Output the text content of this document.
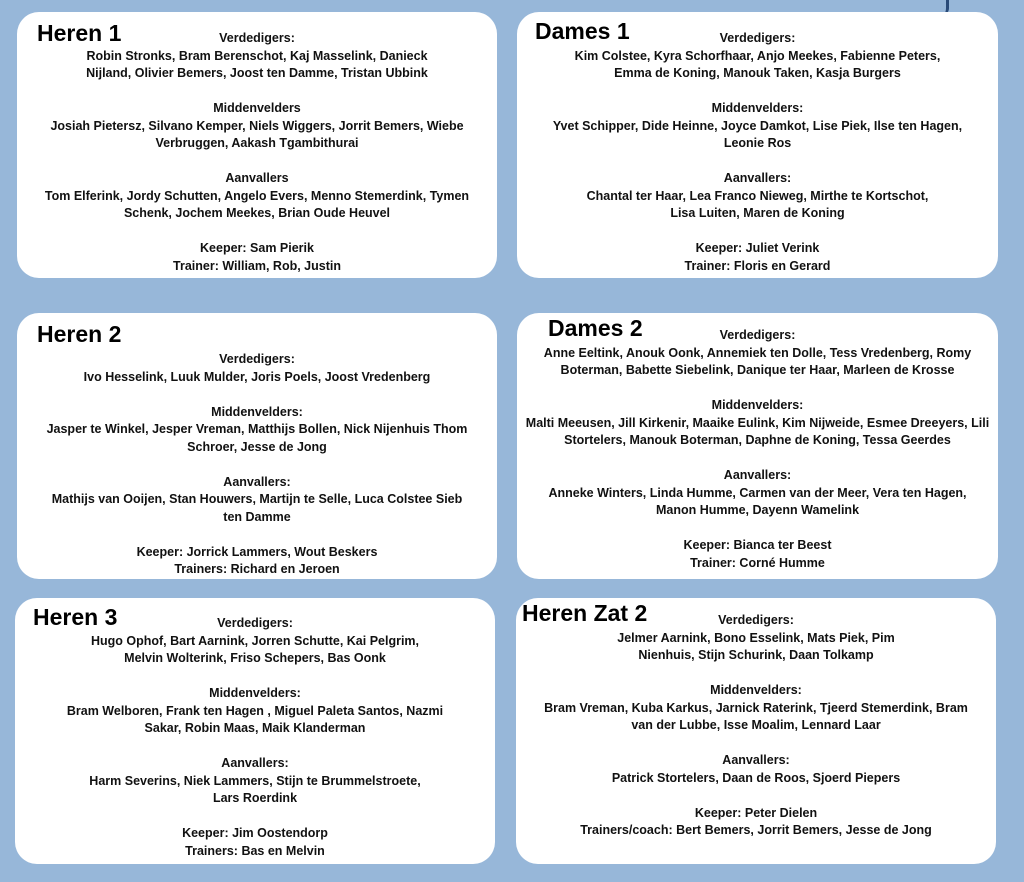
Heren 1	Verdedigers:

Robin Stronks, Bram Berenschot, Kaj Masselink, Danieck Nijland, Olivier Bemers, Joost ten Damme, Tristan Ubbink

Middenvelders

Josiah Pietersz, Silvano Kemper, Niels Wiggers, Jorrit Bemers, Wiebe Verbruggen, Aakash Tgambithurai

Aanvallers

Tom Elferink, Jordy Schutten, Angelo Evers, Menno Stemerdink, Tymen Schenk, Jochem Meekes, Brian Oude Heuvel

Keeper: Sam Pierik

Trainer: William, Rob, Justin

Dames 1	Verdedigers:

Kim Colstee, Kyra Schorfhaar, Anjo Meekes, Fabienne Peters, Emma de Koning, Manouk Taken, Kasja Burgers

Middenvelders:

Yvet Schipper, Dide Heinne, Joyce Damkot, Lise Piek, Ilse ten Hagen, Leonie Ros

Aanvallers:

Chantal ter Haar, Lea Franco Nieweg, Mirthe te Kortschot, Lisa Luiten, Maren de Koning

Keeper: Juliet Verink

Trainer: Floris en Gerard

Heren 2

Verdedigers:

Ivo Hesselink, Luuk Mulder, Joris Poels, Joost Vredenberg

Middenvelders:

Jasper te Winkel, Jesper Vreman, Matthijs Bollen, Nick Nijenhuis Thom Schroer, Jesse de Jong

Aanvallers:

Mathijs van Ooijen, Stan Houwers, Martijn te Selle, Luca Colstee Sieb ten Damme

Keeper: Jorrick Lammers, Wout Beskers

Trainers: Richard en Jeroen

Dames 2	Verdedigers:

Anne Eeltink, Anouk Oonk, Annemiek ten Dolle, Tess Vredenberg, Romy Boterman, Babette Siebelink, Danique ter Haar, Marleen de Krosse

Middenvelders:

Malti Meeusen, Jill Kirkenir, Maaike Eulink, Kim Nijweide, Esmee Dreeyers, Lili Stortelers, Manouk Boterman, Daphne de Koning, Tessa Geerdes

Aanvallers:

Anneke Winters, Linda Humme, Carmen van der Meer, Vera ten Hagen, Manon Humme, Dayenn Wamelink

Keeper: Bianca ter Beest

Trainer: Corné Humme

Heren 3	Verdedigers:

Hugo Ophof, Bart Aarnink, Jorren Schutte, Kai Pelgrim, Melvin Wolterink, Friso Schepers, Bas Oonk

Middenvelders:

Bram Welboren, Frank ten Hagen , Miguel Paleta Santos, Nazmi Sakar, Robin Maas, Maik Klanderman

Aanvallers:

Harm Severins, Niek Lammers, Stijn te Brummelstroete, Lars Roerdink

Keeper: Jim Oostendorp

Trainers: Bas en Melvin

Heren Zat 2	Verdedigers:

Jelmer Aarnink, Bono Esselink, Mats Piek, Pim Nienhuis, Stijn Schurink, Daan Tolkamp

Middenvelders:

Bram Vreman, Kuba Karkus, Jarnick Raterink, Tjeerd Stemerdink, Bram van der Lubbe, Isse Moalim, Lennard Laar

Aanvallers:

Patrick Stortelers, Daan de Roos, Sjoerd Piepers

Keeper: Peter Dielen

Trainers/coach: Bert Bemers, Jorrit Bemers, Jesse de Jong
